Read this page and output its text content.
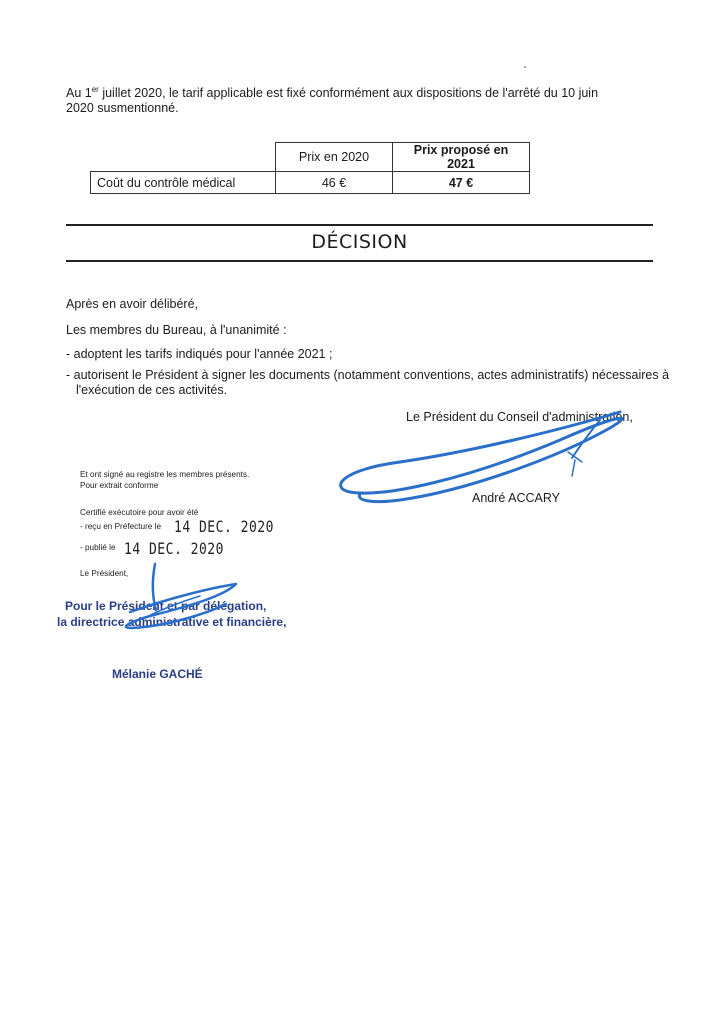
Au 1er juillet 2020, le tarif applicable est fixé conformément aux dispositions de l'arrêté du 10 juin 2020 susmentionné.
	Prix en 2020	Prix proposé en 2021
Coût du contrôle médical	46 €	47 €
DÉCISION
Après en avoir délibéré,
Les membres du Bureau, à l'unanimité :
- adoptent les tarifs indiqués pour l'année 2021 ;
- autorisent le Président à signer les documents (notamment conventions, actes administratifs) nécessaires à
l'exécution de ces activités.
Le Président du Conseil d'administration,
André ACCARY
Et ont signé au registre les membres présents.
Pour extrait conforme
Certifié exécutoire pour avoir été
- reçu en Préfecture le 14 DEC. 2020
- publié le 14 DEC. 2020
Le Président,
Pour le Président et par délégation,
la directrice administrative et financière,
Mélanie GACHÉ
